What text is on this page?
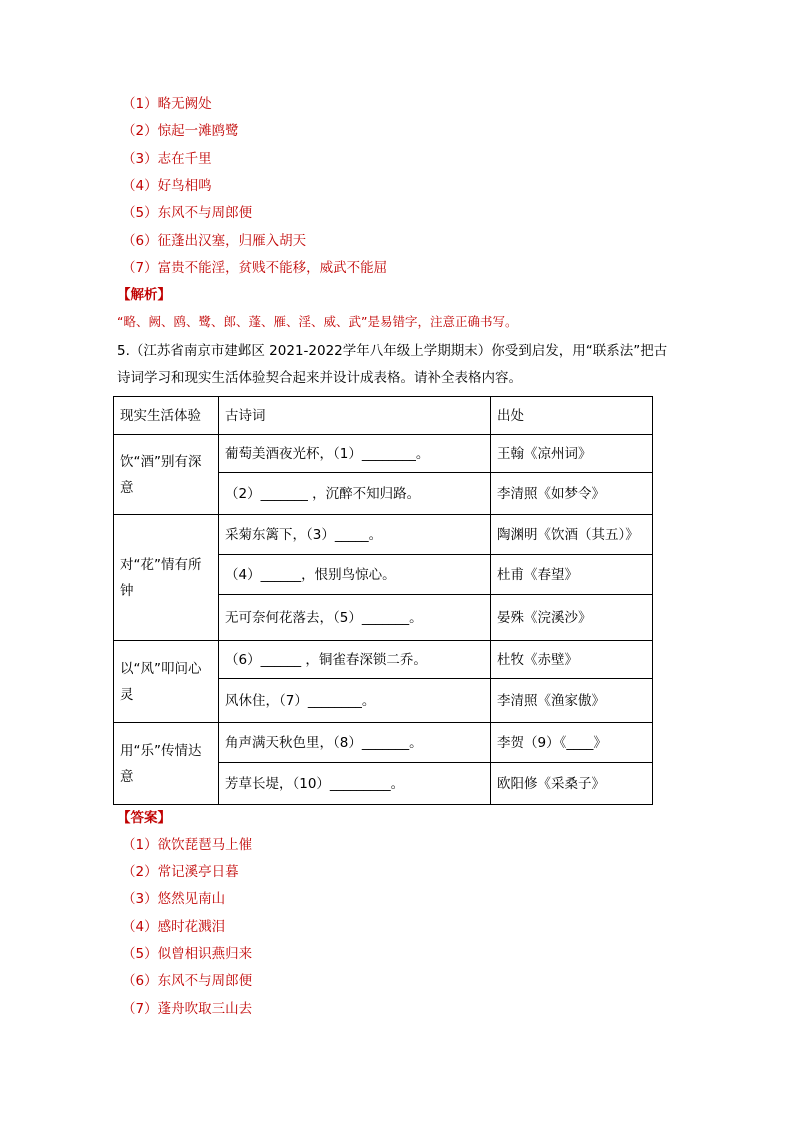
（1）略无阙处
（2）惊起一滩鸥鹭
（3）志在千里
（4）好鸟相鸣
（5）东风不与周郎便
（6）征蓬出汉塞，归雁入胡天
（7）富贵不能淫，贫贱不能移，威武不能屈
【解析】
“略、阙、鸥、鹭、郎、蓬、雁、淫、威、武”是易错字，注意正确书写。
5.（江苏省南京市建邺区 2021-2022学年八年级上学期期末）你受到启发，用“联系法”把古诗词学习和现实生活体验契合起来并设计成表格。请补全表格内容。
现实生活体验	古诗词	出处
饮“酒”别有深意	葡萄美酒夜光杯，（1）________。	王翰《凉州词》
	（2）_______ ，沉醉不知归路。	李清照《如梦令》
对“花”情有所钟	采菊东篱下，（3）_____。	陶渊明《饮酒（其五）》
	（4）______，恨别鸟惊心。	杜甫《春望》
	无可奈何花落去，（5）_______。	晏殊《浣溪沙》
以“风”叩问心灵	（6）______ ，铜雀春深锁二乔。	杜牧《赤壁》
	风休住，（7）________。	李清照《渔家傲》
用“乐”传情达意	角声满天秋色里，（8）_______。	李贺（9）《____》
	芳草长堤，（10）_________。	欧阳修《采桑子》
【答案】
（1）欲饮琵琶马上催
（2）常记溪亭日暮
（3）悠然见南山
（4）感时花溅泪
（5）似曾相识燕归来
（6）东风不与周郎便
（7）蓬舟吹取三山去
